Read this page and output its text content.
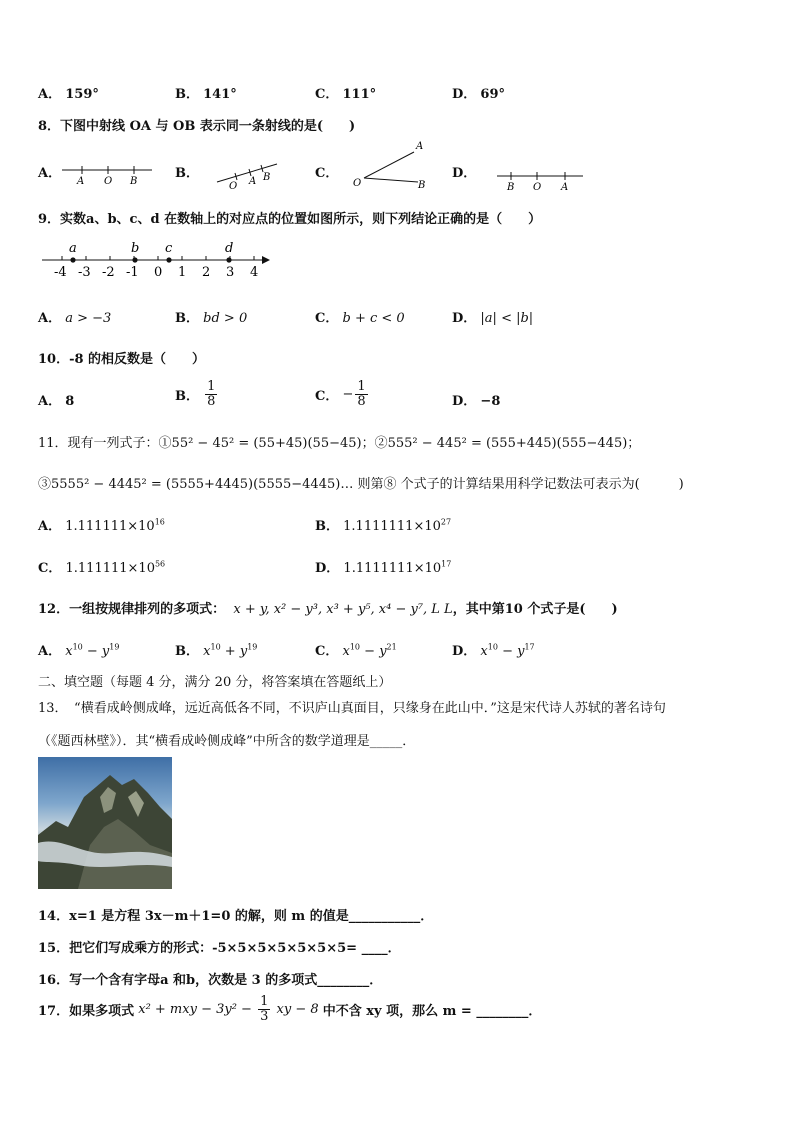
A． 159°	B． 141°	C． 111°	D． 69°
8．下图中射线 OA 与 OB 表示同一条射线的是(　　)
A．
A O B
B．
O A B	C．
A
O	B
D．
B O A
9．实数a、b、c、d 在数轴上的对应点的位置如图所示，则下列结论正确的是（　　）
-4 -3 -2 -1 0 1 2 3 4
a	b c	d
A． a > −3	B． bd > 0	C． b + c < 0	D． |a| < |b|
10．-8 的相反数是（　　）
A． 8	B． $\frac{1}{8}$	C． − $\frac{1}{8}$	D． −8
11．现有一列式子：①55² − 45² = (55+45)(55−45)；②555² − 445² = (555+445)(555−445)；
③5555² − 4445² = (5555+4445)(5555−4445)… 则第⑧ 个式子的计算结果用科学记数法可表示为(　　　)
A． $1.111111\times 10^{16}$	B． $1.1111111\times 10^{27}$
C． $1.111111\times 10^{56}$	D． $1.1111111\times 10^{17}$
12．一组按规律排列的多项式： x + y, x² − y³, x³ + y⁵, x⁴ − y⁷, L L，其中第10 个式子是(　　)
A． $x^{10} - y^{19}$	B． $x^{10} + y^{19}$	C． $x^{10} - y^{21}$	D． $x^{10} - y^{17}$
二、填空题（每题 4 分，满分 20 分，将答案填在答题纸上）
13．　“横看成岭侧成峰，远近高低各不同，不识庐山真面目，只缘身在此山中．”这是宋代诗人苏轼的著名诗句
（《题西林壁》）．其“横看成岭侧成峰”中所含的数学道理是_____．
14．x=1 是方程 3x－m＋1=0 的解，则 m 的值是___________．
15．把它们写成乘方的形式：-5×5×5×5×5×5×5= ____．
16．写一个含有字母a 和b，次数是 3 的多项式________．
17．如果多项式 x² + mxy − $3y^2 - \frac{1}{3}$ xy − 8 中不含 xy 项，那么 m = ________．
